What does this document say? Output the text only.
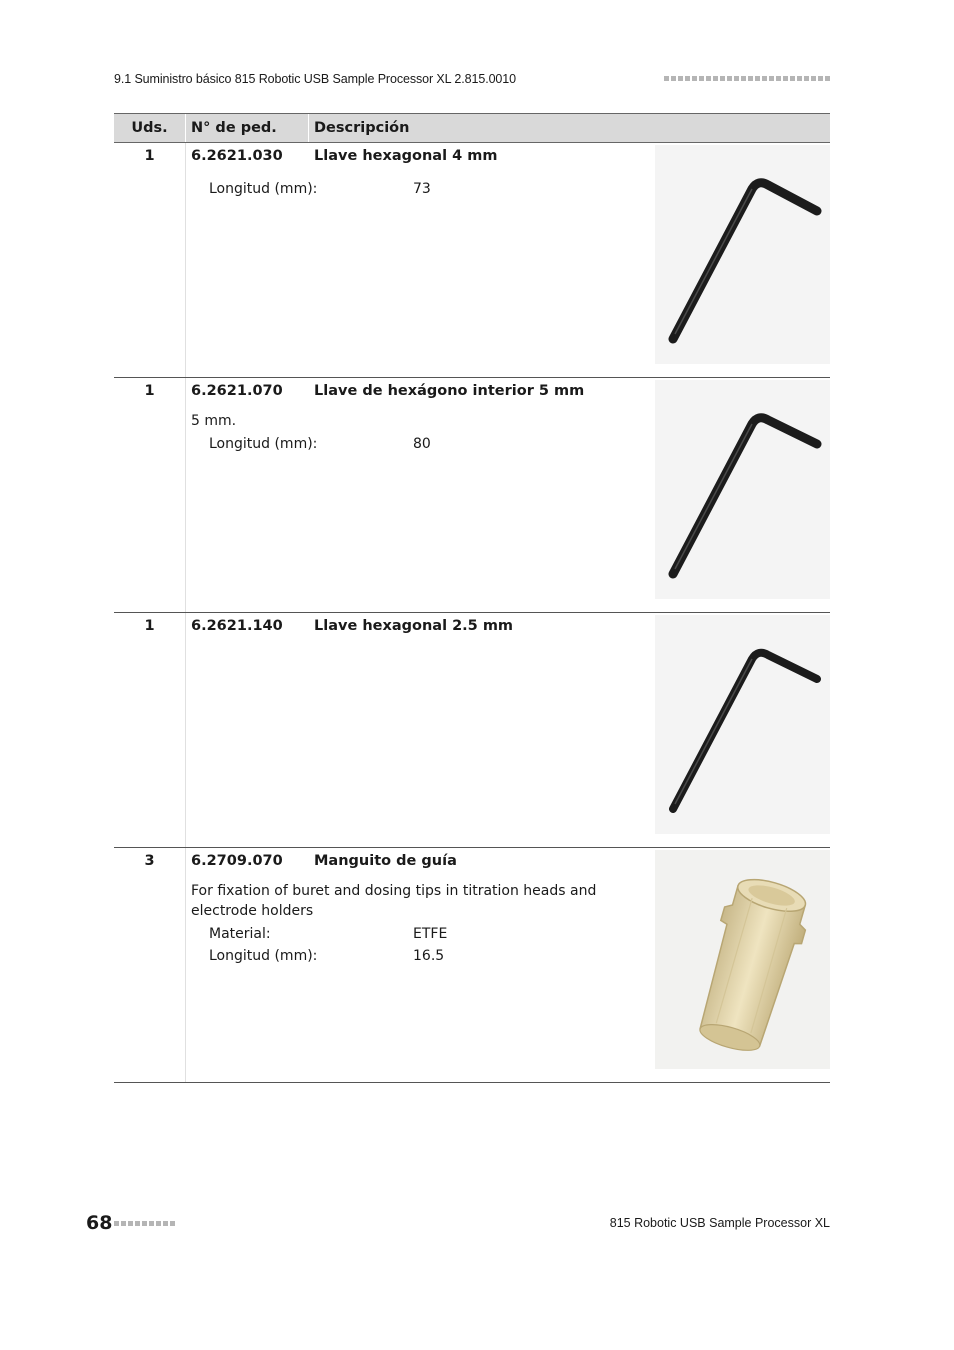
9.1 Suministro básico 815 Robotic USB Sample Processor XL 2.815.0010
Uds.	N° de ped.	Descripción
1	6.2621.030 Llave hexagonal 4 mm
Longitud (mm):	73
1	6.2621.070 Llave de hexágono interior 5 mm
5 mm.
Longitud (mm):	80
1	6.2621.140 Llave hexagonal 2.5 mm
3	6.2709.070 Manguito de guía
For fixation of buret and dosing tips in titration heads and electrode holders
Material:	ETFE
Longitud (mm):	16.5
68	815 Robotic USB Sample Processor XL
